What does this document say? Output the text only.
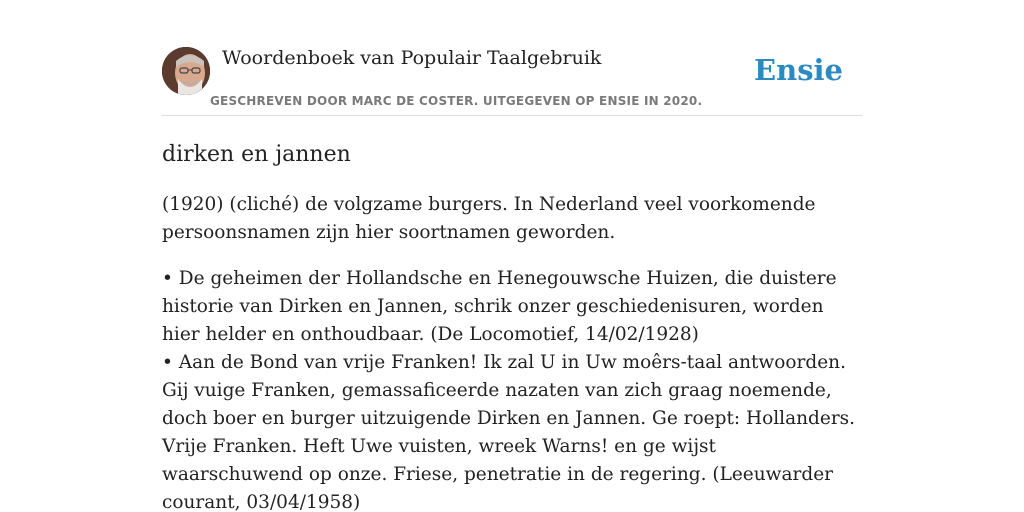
Woordenboek van Populair Taalgebruik
GESCHREVEN DOOR MARC DE COSTER. UITGEGEVEN OP ENSIE IN 2020.
Ensie
dirken en jannen

(1920) (cliché) de volgzame burgers. In Nederland veel voorkomende persoonsnamen zijn hier soortnamen geworden.

• De geheimen der Hollandsche en Henegouwsche Huizen, die duistere historie van Dirken en Jannen, schrik onzer geschiedenisuren, worden hier helder en onthoudbaar. (De Locomotief, 14/02/1928)

• Aan de Bond van vrije Franken! Ik zal U in Uw moêrs-taal antwoorden. Gij vuige Franken, gemassaficeerde nazaten van zich graag noemende, doch boer en burger uitzuigende Dirken en Jannen. Ge roept: Hollanders. Vrije Franken. Heft Uwe vuisten, wreek Warns! en ge wijst waarschuwend op onze. Friese, penetratie in de regering. (Leeuwarder courant, 03/04/1958)
